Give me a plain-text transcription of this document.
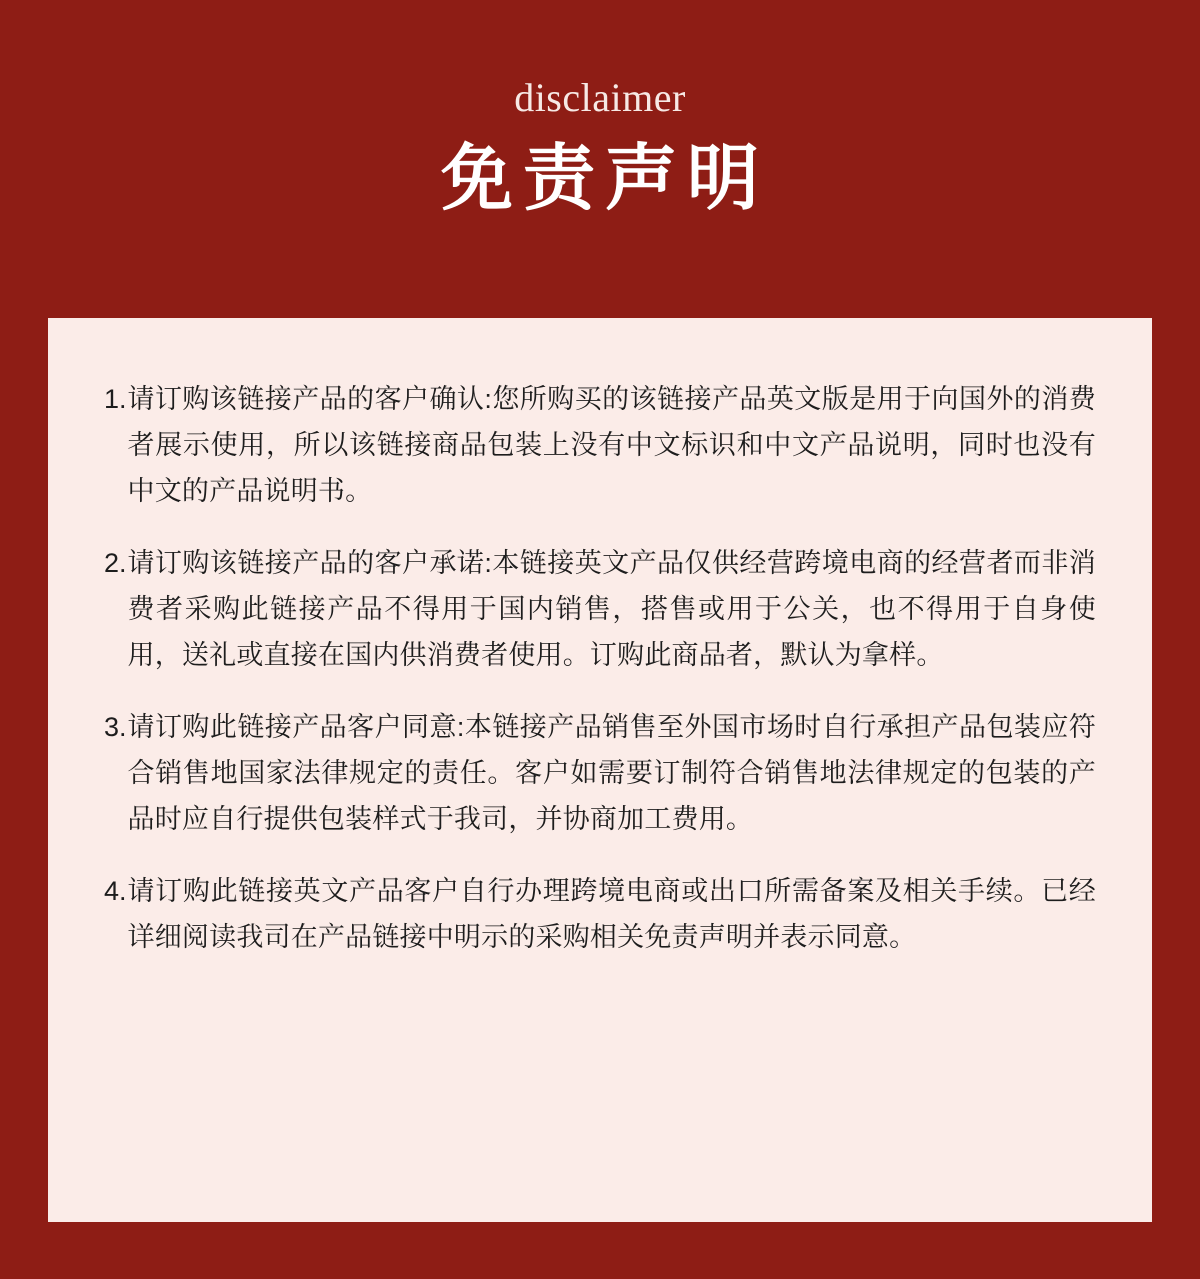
disclaimer
免责声明
1. 请订购该链接产品的客户确认:您所购买的该链接产品英文版是用于向国外的消费者展示使用，所以该链接商品包装上没有中文标识和中文产品说明，同时也没有中文的产品说明书。
2. 请订购该链接产品的客户承诺:本链接英文产品仅供经营跨境电商的经营者而非消费者采购此链接产品不得用于国内销售，搭售或用于公关，也不得用于自身使用，送礼或直接在国内供消费者使用。订购此商品者，默认为拿样。
3. 请订购此链接产品客户同意:本链接产品销售至外国市场时自行承担产品包装应符合销售地国家法律规定的责任。客户如需要订制符合销售地法律规定的包装的产品时应自行提供包装样式于我司，并协商加工费用。
4. 请订购此链接英文产品客户自行办理跨境电商或出口所需备案及相关手续。已经详细阅读我司在产品链接中明示的采购相关免责声明并表示同意。
